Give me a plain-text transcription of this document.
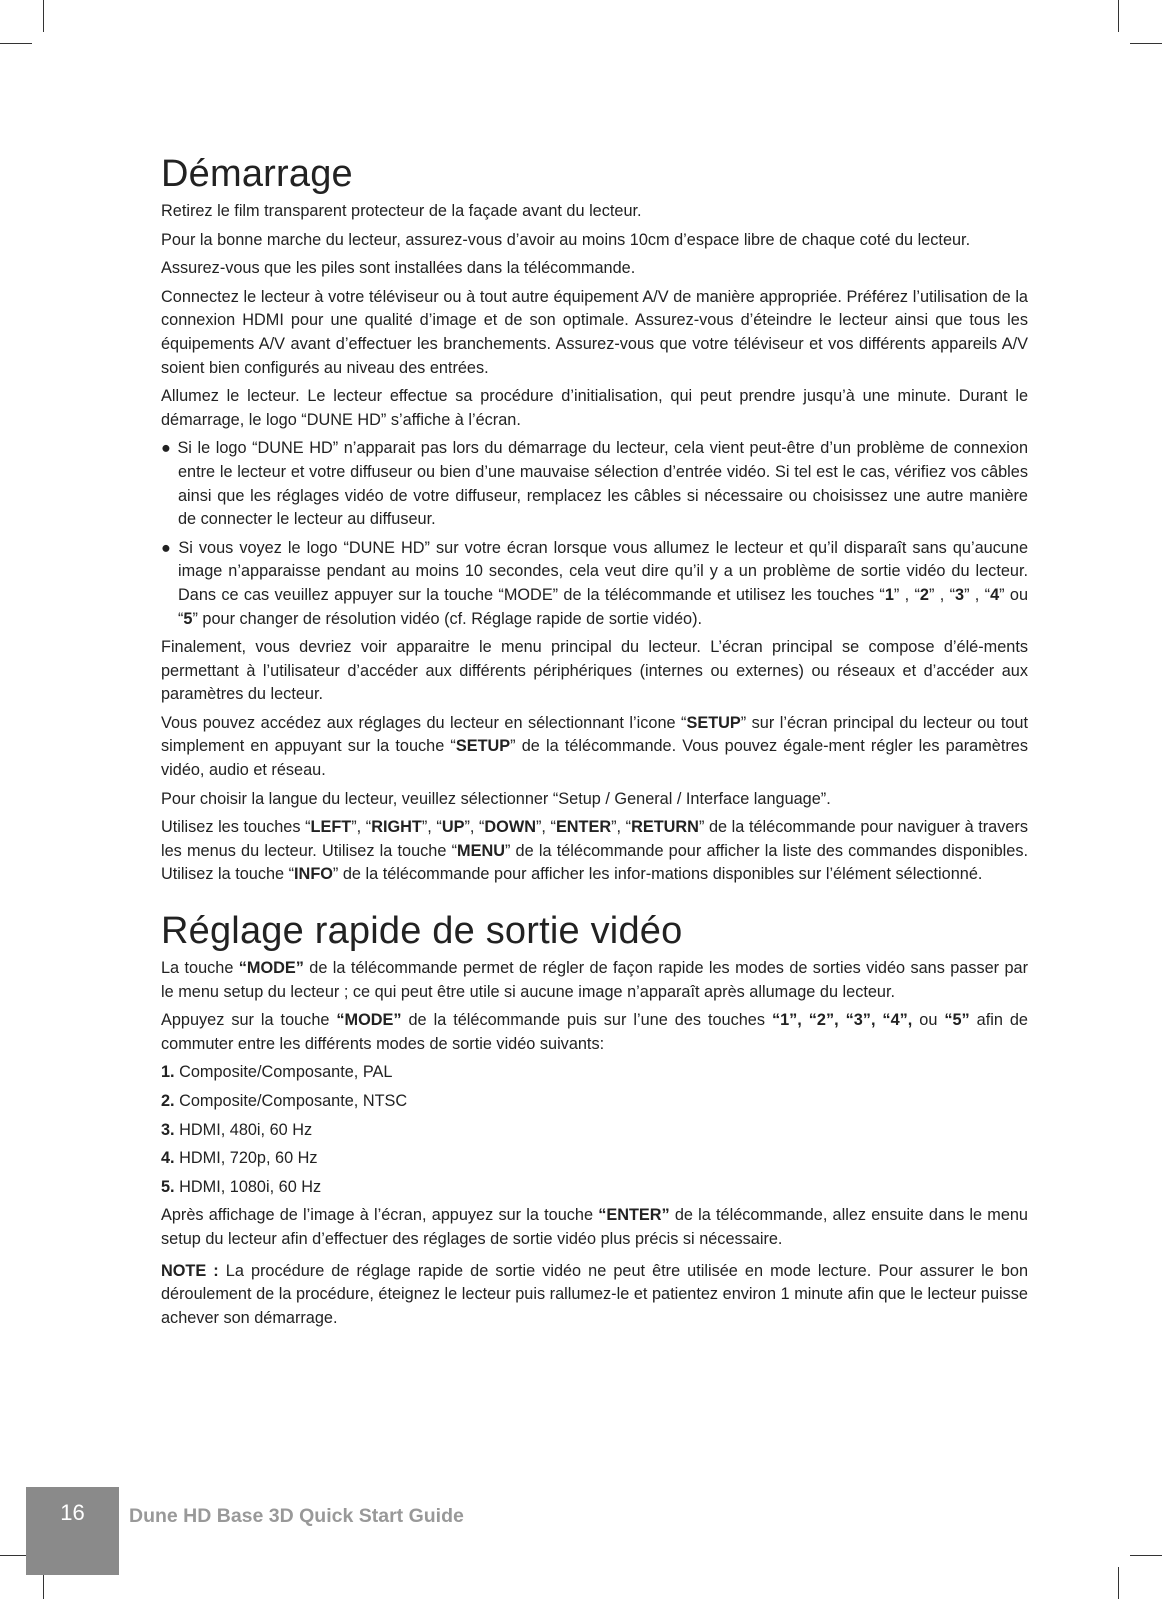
Démarrage

Retirez le film transparent protecteur de la façade avant du lecteur.

Pour la bonne marche du lecteur, assurez-vous d’avoir au moins 10cm d’espace libre de chaque coté du lecteur.

Assurez-vous que les piles sont installées dans la télécommande.

Connectez le lecteur à votre téléviseur ou à tout autre équipement A/V de manière appropriée. Préférez l’utilisation de la connexion HDMI pour une qualité d’image et de son optimale. Assurez-vous d’éteindre le lecteur ainsi que tous les équipements A/V avant d’effectuer les branchements. Assurez-vous que votre téléviseur et vos différents appareils A/V soient bien configurés au niveau des entrées.

Allumez le lecteur. Le lecteur effectue sa procédure d’initialisation, qui peut prendre jusqu’à une minute. Durant le démarrage, le logo “DUNE HD” s’affiche à l’écran.

● Si le logo “DUNE HD” n’apparait pas lors du démarrage du lecteur, cela vient peut-être d’un problème de connexion entre le lecteur et votre diffuseur ou bien d’une mauvaise sélection d’entrée vidéo. Si tel est le cas, vérifiez vos câbles ainsi que les réglages vidéo de votre diffuseur, remplacez les câbles si nécessaire ou choisissez une autre manière de connecter le lecteur au diffuseur.

● Si vous voyez le logo “DUNE HD” sur votre écran lorsque vous allumez le lecteur et qu’il disparaît sans qu’aucune image n’apparaisse pendant au moins 10 secondes, cela veut dire qu’il y a un problème de sortie vidéo du lecteur. Dans ce cas veuillez appuyer sur la touche “MODE” de la télécommande et utilisez les touches “1” , “2” , “3” , “4” ou “5” pour changer de résolution vidéo (cf. Réglage rapide de sortie vidéo).

Finalement, vous devriez voir apparaitre le menu principal du lecteur. L’écran principal se compose d’élé-ments permettant à l’utilisateur d’accéder aux différents périphériques (internes ou externes) ou réseaux et d’accéder aux paramètres du lecteur.

Vous pouvez accédez aux réglages du lecteur en sélectionnant l’icone “SETUP” sur l’écran principal du lecteur ou tout simplement en appuyant sur la touche “SETUP” de la télécommande. Vous pouvez égale-ment régler les paramètres vidéo, audio et réseau.

Pour choisir la langue du lecteur, veuillez sélectionner “Setup / General / Interface language”.

Utilisez les touches “LEFT”, “RIGHT”, “UP”, “DOWN”, “ENTER”, “RETURN” de la télécommande pour naviguer à travers les menus du lecteur. Utilisez la touche “MENU” de la télécommande pour afficher la liste des commandes disponibles. Utilisez la touche “INFO” de la télécommande pour afficher les infor-mations disponibles sur l’élément sélectionné.

Réglage rapide de sortie vidéo

La touche “MODE” de la télécommande permet de régler de façon rapide les modes de sorties vidéo sans passer par le menu setup du lecteur ; ce qui peut être utile si aucune image n’apparaît après allumage du lecteur.

Appuyez sur la touche “MODE” de la télécommande puis sur l’une des touches “1”, “2”, “3”, “4”, ou “5” afin de commuter entre les différents modes de sortie vidéo suivants:

1. Composite/Composante, PAL

2. Composite/Composante, NTSC

3. HDMI, 480i, 60 Hz

4. HDMI, 720p, 60 Hz

5. HDMI, 1080i, 60 Hz

Après affichage de l’image à l’écran, appuyez sur la touche “ENTER” de la télécommande, allez ensuite dans le menu setup du lecteur afin d’effectuer des réglages de sortie vidéo plus précis si nécessaire.

NOTE : La procédure de réglage rapide de sortie vidéo ne peut être utilisée en mode lecture. Pour assurer le bon déroulement de la procédure, éteignez le lecteur puis rallumez-le et patientez environ 1 minute afin que le lecteur puisse achever son démarrage.

16	Dune HD Base 3D Quick Start Guide
